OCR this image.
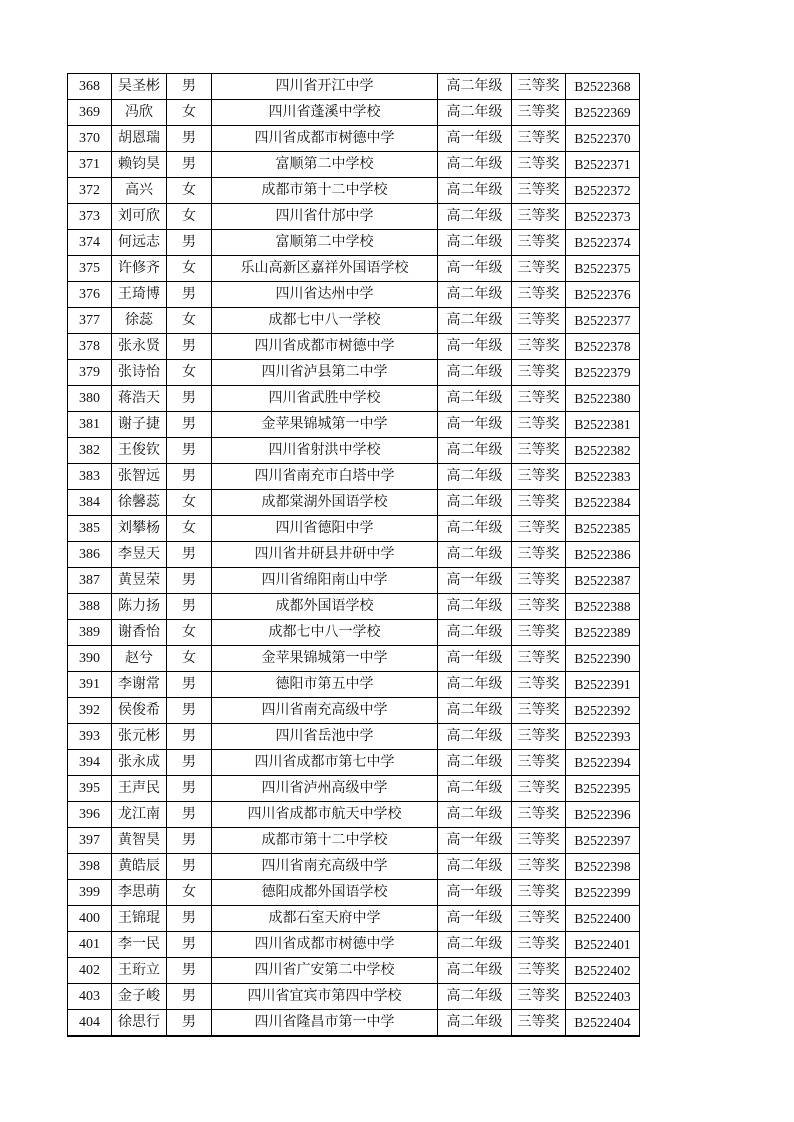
368	吴圣彬	男	四川省开江中学	高二年级	三等奖	B2522368
369	冯欣	女	四川省蓬溪中学校	高二年级	三等奖	B2522369
370	胡恩瑞	男	四川省成都市树德中学	高一年级	三等奖	B2522370
371	赖钧昊	男	富顺第二中学校	高二年级	三等奖	B2522371
372	高兴	女	成都市第十二中学校	高二年级	三等奖	B2522372
373	刘可欣	女	四川省什邡中学	高二年级	三等奖	B2522373
374	何远志	男	富顺第二中学校	高二年级	三等奖	B2522374
375	许修齐	女	乐山高新区嘉祥外国语学校	高一年级	三等奖	B2522375
376	王琦博	男	四川省达州中学	高二年级	三等奖	B2522376
377	徐蕊	女	成都七中八一学校	高二年级	三等奖	B2522377
378	张永贤	男	四川省成都市树德中学	高一年级	三等奖	B2522378
379	张诗怡	女	四川省泸县第二中学	高二年级	三等奖	B2522379
380	蒋浩天	男	四川省武胜中学校	高二年级	三等奖	B2522380
381	谢子捷	男	金苹果锦城第一中学	高一年级	三等奖	B2522381
382	王俊钦	男	四川省射洪中学校	高二年级	三等奖	B2522382
383	张智远	男	四川省南充市白塔中学	高二年级	三等奖	B2522383
384	徐馨蕊	女	成都棠湖外国语学校	高二年级	三等奖	B2522384
385	刘攀杨	女	四川省德阳中学	高二年级	三等奖	B2522385
386	李昱天	男	四川省井研县井研中学	高二年级	三等奖	B2522386
387	黄昱荣	男	四川省绵阳南山中学	高一年级	三等奖	B2522387
388	陈力扬	男	成都外国语学校	高二年级	三等奖	B2522388
389	谢香怡	女	成都七中八一学校	高二年级	三等奖	B2522389
390	赵兮	女	金苹果锦城第一中学	高一年级	三等奖	B2522390
391	李谢常	男	德阳市第五中学	高二年级	三等奖	B2522391
392	侯俊希	男	四川省南充高级中学	高二年级	三等奖	B2522392
393	张元彬	男	四川省岳池中学	高二年级	三等奖	B2522393
394	张永成	男	四川省成都市第七中学	高二年级	三等奖	B2522394
395	王声民	男	四川省泸州高级中学	高二年级	三等奖	B2522395
396	龙江南	男	四川省成都市航天中学校	高二年级	三等奖	B2522396
397	黄智昊	男	成都市第十二中学校	高一年级	三等奖	B2522397
398	黄皓辰	男	四川省南充高级中学	高二年级	三等奖	B2522398
399	李思萌	女	德阳成都外国语学校	高一年级	三等奖	B2522399
400	王锦琨	男	成都石室天府中学	高一年级	三等奖	B2522400
401	李一民	男	四川省成都市树德中学	高二年级	三等奖	B2522401
402	王珩立	男	四川省广安第二中学校	高二年级	三等奖	B2522402
403	金子峻	男	四川省宜宾市第四中学校	高二年级	三等奖	B2522403
404	徐思行	男	四川省隆昌市第一中学	高二年级	三等奖	B2522404
